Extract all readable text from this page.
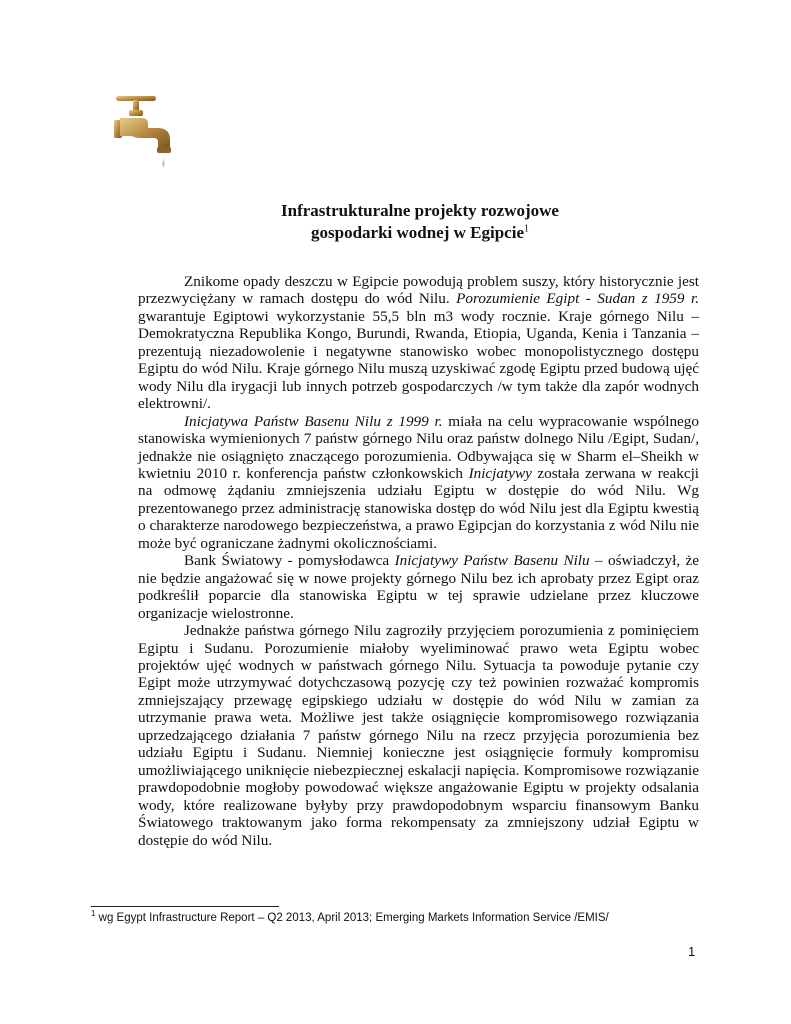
Infrastrukturalne projekty rozwojowe
gospodarki wodnej w Egipcie$^1$

Znikome opady deszczu w Egipcie powodują problem suszy, który historycznie jest przezwyciężany w ramach dostępu do wód Nilu. Porozumienie Egipt - Sudan z 1959 r. gwarantuje Egiptowi wykorzystanie 55,5 bln m3 wody rocznie. Kraje górnego Nilu – Demokratyczna Republika Kongo, Burundi, Rwanda, Etiopia, Uganda, Kenia i Tanzania – prezentują niezadowolenie i negatywne stanowisko wobec monopolistycznego dostępu Egiptu do wód Nilu. Kraje górnego Nilu muszą uzyskiwać zgodę Egiptu przed budową ujęć wody Nilu dla irygacji lub innych potrzeb gospodarczych /w tym także dla zapór wodnych elektrowni/.

Inicjatywa Państw Basenu Nilu z 1999 r. miała na celu wypracowanie wspólnego stanowiska wymienionych 7 państw górnego Nilu oraz państw dolnego Nilu /Egipt, Sudan/, jednakże nie osiągnięto znaczącego porozumienia. Odbywająca się w Sharm el–Sheikh w kwietniu 2010 r. konferencja państw członkowskich Inicjatywy została zerwana w reakcji na odmowę żądaniu zmniejszenia udziału Egiptu w dostępie do wód Nilu. Wg prezentowanego przez administrację stanowiska dostęp do wód Nilu jest dla Egiptu kwestią o charakterze narodowego bezpieczeństwa, a prawo Egipcjan do korzystania z wód Nilu nie może być ograniczane żadnymi okolicznościami.

Bank Światowy - pomysłodawca Inicjatywy Państw Basenu Nilu – oświadczył, że nie będzie angażować się w nowe projekty górnego Nilu bez ich aprobaty przez Egipt oraz podkreślił poparcie dla stanowiska Egiptu w tej sprawie udzielane przez kluczowe organizacje wielostronne.

Jednakże państwa górnego Nilu zagroziły przyjęciem porozumienia z pominięciem Egiptu i Sudanu. Porozumienie miałoby wyeliminować prawo weta Egiptu wobec projektów ujęć wodnych w państwach górnego Nilu. Sytuacja ta powoduje pytanie czy Egipt może utrzymywać dotychczasową pozycję czy też powinien rozważać kompromis zmniejszający przewagę egipskiego udziału w dostępie do wód Nilu w zamian za utrzymanie prawa weta. Możliwe jest także osiągnięcie kompromisowego rozwiązania uprzedzającego działania 7 państw górnego Nilu na rzecz przyjęcia porozumienia bez udziału Egiptu i Sudanu. Niemniej konieczne jest osiągnięcie formuły kompromisu umożliwiającego uniknięcie niebezpiecznej eskalacji napięcia. Kompromisowe rozwiązanie prawdopodobnie mogłoby powodować większe angażowanie Egiptu w projekty odsalania wody, które realizowane byłyby przy prawdopodobnym wsparciu finansowym Banku Światowego traktowanym jako forma rekompensaty za zmniejszony udział Egiptu w dostępie do wód Nilu.

$^1$ wg Egypt Infrastructure Report – Q2 2013, April 2013; Emerging Markets Information Service /EMIS/
1
